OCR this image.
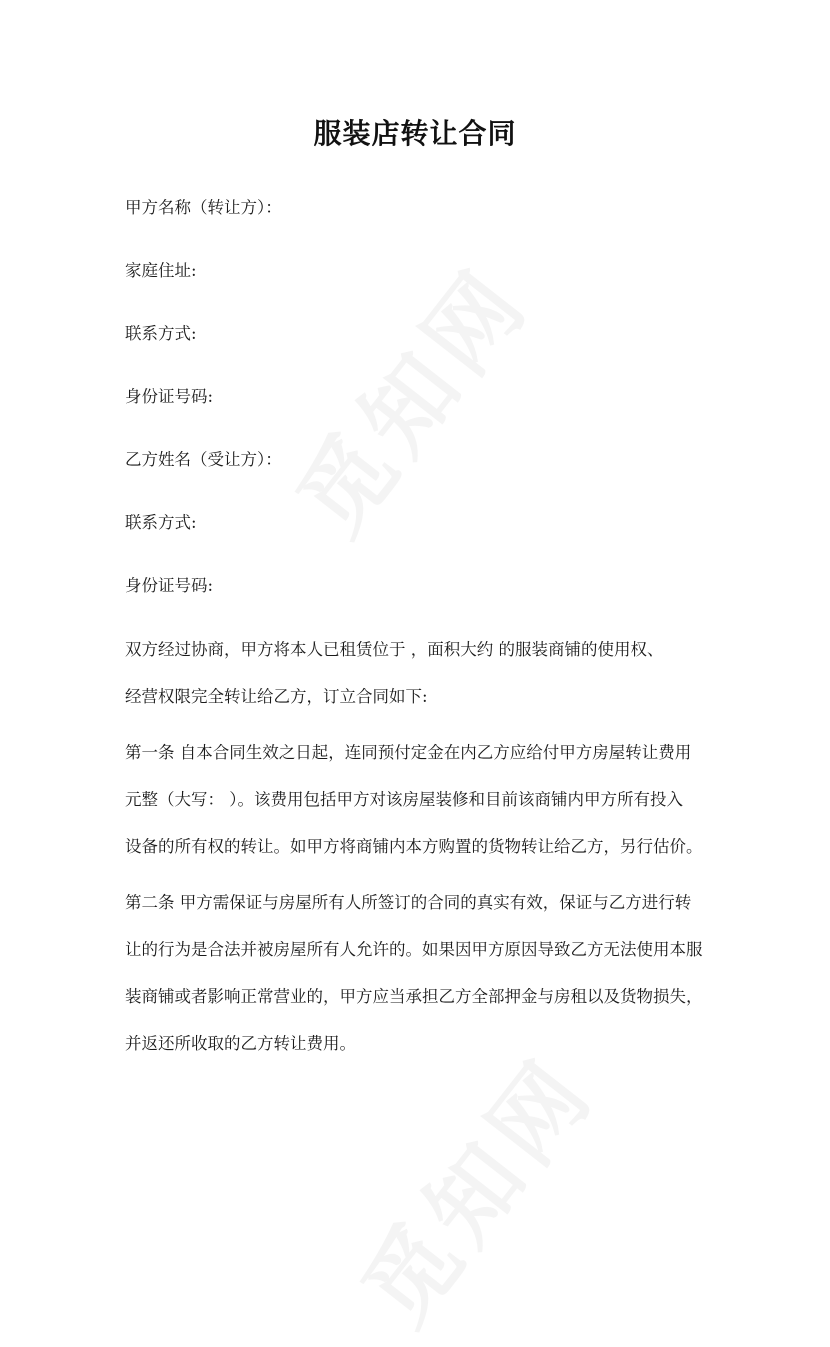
服装店转让合同
甲方名称（转让方）：
家庭住址:
联系方式:
身份证号码:
乙方姓名（受让方）：
联系方式:
身份证号码:
双方经过协商，甲方将本人已租赁位于 ，面积大约 的服装商铺的使用权、
经营权限完全转让给乙方，订立合同如下:
第一条 自本合同生效之日起，连同预付定金在内乙方应给付甲方房屋转让费用
元整（大写： ）。该费用包括甲方对该房屋装修和目前该商铺内甲方所有投入
设备的所有权的转让。如甲方将商铺内本方购置的货物转让给乙方，另行估价。
第二条 甲方需保证与房屋所有人所签订的合同的真实有效，保证与乙方进行转
让的行为是合法并被房屋所有人允许的。如果因甲方原因导致乙方无法使用本服
装商铺或者影响正常营业的，甲方应当承担乙方全部押金与房租以及货物损失，
并返还所收取的乙方转让费用。
